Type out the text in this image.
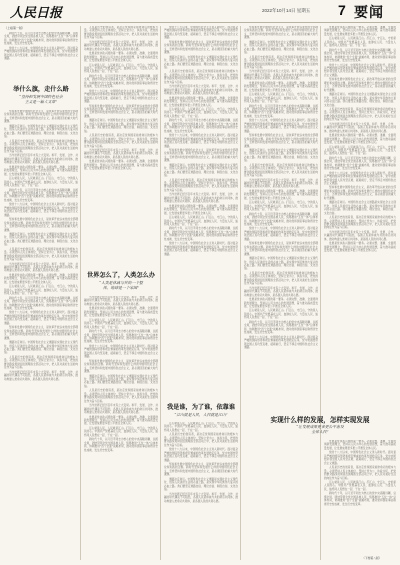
人民日报	2022年10月14日 星期五 7 要闻
（上接第一版）

新时代十年，以习近平同志为核心的党中央高瞻远瞩、总揽全局，团结带领全党全国各族人民，统筹推进“五位一体”总体布局，协调推进“四个全面”战略布局，推动党和国家事业取得历史性成就、发生历史性变革。

党的十八大以来，中国特色社会主义进入新时代。面对复杂严峻的国际形势和艰巨繁重的改革发展稳定任务，党中央团结带领全国人民攻坚克难、砥砺前行，坚定不移走中国特色社会主义道路。

举什么旗，走什么路
“坚持和发展中国特色社会
主义是一篇大文章”

坚持和发展中国特色社会主义，是改革开放以来党的全部理论和实践的主题。新时代坚持和发展什么样的中国特色社会主义、怎样坚持和发展中国特色社会主义，是必须回答的重大时代课题。

道路决定命运。中国特色社会主义道路是实现社会主义现代化、创造人民美好生活的必由之路，是实现中华民族伟大复兴的必由之路。我们要坚定道路自信、理论自信、制度自信、文化自信。

人民是历史的创造者，是决定党和国家前途命运的根本力量。必须坚持人民主体地位，坚持立党为公、执政为民，把党的群众路线贯彻到治国理政全部活动之中，把人民对美好生活的向往作为奋斗目标。

当今世界正经历百年未有之大变局。和平、发展、合作、共赢的时代潮流不可阻挡，各国人民是休戚与共的命运共同体，推动构建人类命运共同体，是各国人民的共同心愿。

发展是党执政兴国的第一要务。必须完整、准确、全面贯彻新发展理念，坚持以人民为中心的发展思想，着力推动高质量发展，让发展成果更多更公平惠及全体人民。

江山就是人民，人民就是江山。打江山、守江山，守的是人民的心。中国共产党根基在人民、血脉在人民、力量在人民，始终同人民想在一起、干在一起。

新时代十年，以习近平同志为核心的党中央高瞻远瞩、总揽全局，团结带领全党全国各族人民，统筹推进“五位一体”总体布局，协调推进“四个全面”战略布局，推动党和国家事业取得历史性成就、发生历史性变革。

党的十八大以来，中国特色社会主义进入新时代。面对复杂严峻的国际形势和艰巨繁重的改革发展稳定任务，党中央团结带领全国人民攻坚克难、砥砺前行，坚定不移走中国特色社会主义道路。

坚持和发展中国特色社会主义，是改革开放以来党的全部理论和实践的主题。新时代坚持和发展什么样的中国特色社会主义、怎样坚持和发展中国特色社会主义，是必须回答的重大时代课题。

道路决定命运。中国特色社会主义道路是实现社会主义现代化、创造人民美好生活的必由之路，是实现中华民族伟大复兴的必由之路。我们要坚定道路自信、理论自信、制度自信、文化自信。

人民是历史的创造者，是决定党和国家前途命运的根本力量。必须坚持人民主体地位，坚持立党为公、执政为民，把党的群众路线贯彻到治国理政全部活动之中，把人民对美好生活的向往作为奋斗目标。

当今世界正经历百年未有之大变局。和平、发展、合作、共赢的时代潮流不可阻挡，各国人民是休戚与共的命运共同体，推动构建人类命运共同体，是各国人民的共同心愿。

发展是党执政兴国的第一要务。必须完整、准确、全面贯彻新发展理念，坚持以人民为中心的发展思想，着力推动高质量发展，让发展成果更多更公平惠及全体人民。

江山就是人民，人民就是江山。打江山、守江山，守的是人民的心。中国共产党根基在人民、血脉在人民、力量在人民，始终同人民想在一起、干在一起。

新时代十年，以习近平同志为核心的党中央高瞻远瞩、总揽全局，团结带领全党全国各族人民，统筹推进“五位一体”总体布局，协调推进“四个全面”战略布局，推动党和国家事业取得历史性成就、发生历史性变革。

党的十八大以来，中国特色社会主义进入新时代。面对复杂严峻的国际形势和艰巨繁重的改革发展稳定任务，党中央团结带领全国人民攻坚克难、砥砺前行，坚定不移走中国特色社会主义道路。

坚持和发展中国特色社会主义，是改革开放以来党的全部理论和实践的主题。新时代坚持和发展什么样的中国特色社会主义、怎样坚持和发展中国特色社会主义，是必须回答的重大时代课题。

道路决定命运。中国特色社会主义道路是实现社会主义现代化、创造人民美好生活的必由之路，是实现中华民族伟大复兴的必由之路。我们要坚定道路自信、理论自信、制度自信、文化自信。

人民是历史的创造者，是决定党和国家前途命运的根本力量。必须坚持人民主体地位，坚持立党为公、执政为民，把党的群众路线贯彻到治国理政全部活动之中，把人民对美好生活的向往作为奋斗目标。

当今世界正经历百年未有之大变局。和平、发展、合作、共赢的时代潮流不可阻挡，各国人民是休戚与共的命运共同体，推动构建人类命运共同体，是各国人民的共同心愿。

人民是历史的创造者，是决定党和国家前途命运的根本力量。必须坚持人民主体地位，坚持立党为公、执政为民，把党的群众路线贯彻到治国理政全部活动之中，把人民对美好生活的向往作为奋斗目标。

当今世界正经历百年未有之大变局。和平、发展、合作、共赢的时代潮流不可阻挡，各国人民是休戚与共的命运共同体，推动构建人类命运共同体，是各国人民的共同心愿。

发展是党执政兴国的第一要务。必须完整、准确、全面贯彻新发展理念，坚持以人民为中心的发展思想，着力推动高质量发展，让发展成果更多更公平惠及全体人民。

江山就是人民，人民就是江山。打江山、守江山，守的是人民的心。中国共产党根基在人民、血脉在人民、力量在人民，始终同人民想在一起、干在一起。

新时代十年，以习近平同志为核心的党中央高瞻远瞩、总揽全局，团结带领全党全国各族人民，统筹推进“五位一体”总体布局，协调推进“四个全面”战略布局，推动党和国家事业取得历史性成就、发生历史性变革。

党的十八大以来，中国特色社会主义进入新时代。面对复杂严峻的国际形势和艰巨繁重的改革发展稳定任务，党中央团结带领全国人民攻坚克难、砥砺前行，坚定不移走中国特色社会主义道路。

坚持和发展中国特色社会主义，是改革开放以来党的全部理论和实践的主题。新时代坚持和发展什么样的中国特色社会主义、怎样坚持和发展中国特色社会主义，是必须回答的重大时代课题。

道路决定命运。中国特色社会主义道路是实现社会主义现代化、创造人民美好生活的必由之路，是实现中华民族伟大复兴的必由之路。我们要坚定道路自信、理论自信、制度自信、文化自信。

人民是历史的创造者，是决定党和国家前途命运的根本力量。必须坚持人民主体地位，坚持立党为公、执政为民，把党的群众路线贯彻到治国理政全部活动之中，把人民对美好生活的向往作为奋斗目标。

当今世界正经历百年未有之大变局。和平、发展、合作、共赢的时代潮流不可阻挡，各国人民是休戚与共的命运共同体，推动构建人类命运共同体，是各国人民的共同心愿。

发展是党执政兴国的第一要务。必须完整、准确、全面贯彻新发展理念，坚持以人民为中心的发展思想，着力推动高质量发展，让发展成果更多更公平惠及全体人民。

世界怎么了，人类怎么办
“人类是休戚与共的一个整
体，地球是一个家园”

当今世界正经历百年未有之大变局。和平、发展、合作、共赢的时代潮流不可阻挡，各国人民是休戚与共的命运共同体，推动构建人类命运共同体，是各国人民的共同心愿。

发展是党执政兴国的第一要务。必须完整、准确、全面贯彻新发展理念，坚持以人民为中心的发展思想，着力推动高质量发展，让发展成果更多更公平惠及全体人民。

江山就是人民，人民就是江山。打江山、守江山，守的是人民的心。中国共产党根基在人民、血脉在人民、力量在人民，始终同人民想在一起、干在一起。

新时代十年，以习近平同志为核心的党中央高瞻远瞩、总揽全局，团结带领全党全国各族人民，统筹推进“五位一体”总体布局，协调推进“四个全面”战略布局，推动党和国家事业取得历史性成就、发生历史性变革。

党的十八大以来，中国特色社会主义进入新时代。面对复杂严峻的国际形势和艰巨繁重的改革发展稳定任务，党中央团结带领全国人民攻坚克难、砥砺前行，坚定不移走中国特色社会主义道路。

坚持和发展中国特色社会主义，是改革开放以来党的全部理论和实践的主题。新时代坚持和发展什么样的中国特色社会主义、怎样坚持和发展中国特色社会主义，是必须回答的重大时代课题。

道路决定命运。中国特色社会主义道路是实现社会主义现代化、创造人民美好生活的必由之路，是实现中华民族伟大复兴的必由之路。我们要坚定道路自信、理论自信、制度自信、文化自信。

人民是历史的创造者，是决定党和国家前途命运的根本力量。必须坚持人民主体地位，坚持立党为公、执政为民，把党的群众路线贯彻到治国理政全部活动之中，把人民对美好生活的向往作为奋斗目标。

当今世界正经历百年未有之大变局。和平、发展、合作、共赢的时代潮流不可阻挡，各国人民是休戚与共的命运共同体，推动构建人类命运共同体，是各国人民的共同心愿。

发展是党执政兴国的第一要务。必须完整、准确、全面贯彻新发展理念，坚持以人民为中心的发展思想，着力推动高质量发展，让发展成果更多更公平惠及全体人民。

江山就是人民，人民就是江山。打江山、守江山，守的是人民的心。中国共产党根基在人民、血脉在人民、力量在人民，始终同人民想在一起、干在一起。

新时代十年，以习近平同志为核心的党中央高瞻远瞩、总揽全局，团结带领全党全国各族人民，统筹推进“五位一体”总体布局，协调推进“四个全面”战略布局，推动党和国家事业取得历史性成就、发生历史性变革。

党的十八大以来，中国特色社会主义进入新时代。面对复杂严峻的国际形势和艰巨繁重的改革发展稳定任务，党中央团结带领全国人民攻坚克难、砥砺前行，坚定不移走中国特色社会主义道路。

坚持和发展中国特色社会主义，是改革开放以来党的全部理论和实践的主题。新时代坚持和发展什么样的中国特色社会主义、怎样坚持和发展中国特色社会主义，是必须回答的重大时代课题。

道路决定命运。中国特色社会主义道路是实现社会主义现代化、创造人民美好生活的必由之路，是实现中华民族伟大复兴的必由之路。我们要坚定道路自信、理论自信、制度自信、文化自信。

人民是历史的创造者，是决定党和国家前途命运的根本力量。必须坚持人民主体地位，坚持立党为公、执政为民，把党的群众路线贯彻到治国理政全部活动之中，把人民对美好生活的向往作为奋斗目标。

当今世界正经历百年未有之大变局。和平、发展、合作、共赢的时代潮流不可阻挡，各国人民是休戚与共的命运共同体，推动构建人类命运共同体，是各国人民的共同心愿。

发展是党执政兴国的第一要务。必须完整、准确、全面贯彻新发展理念，坚持以人民为中心的发展思想，着力推动高质量发展，让发展成果更多更公平惠及全体人民。

江山就是人民，人民就是江山。打江山、守江山，守的是人民的心。中国共产党根基在人民、血脉在人民、力量在人民，始终同人民想在一起、干在一起。

新时代十年，以习近平同志为核心的党中央高瞻远瞩、总揽全局，团结带领全党全国各族人民，统筹推进“五位一体”总体布局，协调推进“四个全面”战略布局，推动党和国家事业取得历史性成就、发生历史性变革。

党的十八大以来，中国特色社会主义进入新时代。面对复杂严峻的国际形势和艰巨繁重的改革发展稳定任务，党中央团结带领全国人民攻坚克难、砥砺前行，坚定不移走中国特色社会主义道路。

坚持和发展中国特色社会主义，是改革开放以来党的全部理论和实践的主题。新时代坚持和发展什么样的中国特色社会主义、怎样坚持和发展中国特色社会主义，是必须回答的重大时代课题。

道路决定命运。中国特色社会主义道路是实现社会主义现代化、创造人民美好生活的必由之路，是实现中华民族伟大复兴的必由之路。我们要坚定道路自信、理论自信、制度自信、文化自信。

人民是历史的创造者，是决定党和国家前途命运的根本力量。必须坚持人民主体地位，坚持立党为公、执政为民，把党的群众路线贯彻到治国理政全部活动之中，把人民对美好生活的向往作为奋斗目标。

当今世界正经历百年未有之大变局。和平、发展、合作、共赢的时代潮流不可阻挡，各国人民是休戚与共的命运共同体，推动构建人类命运共同体，是各国人民的共同心愿。

发展是党执政兴国的第一要务。必须完整、准确、全面贯彻新发展理念，坚持以人民为中心的发展思想，着力推动高质量发展，让发展成果更多更公平惠及全体人民。

江山就是人民，人民就是江山。打江山、守江山，守的是人民的心。中国共产党根基在人民、血脉在人民、力量在人民，始终同人民想在一起、干在一起。

新时代十年，以习近平同志为核心的党中央高瞻远瞩、总揽全局，团结带领全党全国各族人民，统筹推进“五位一体”总体布局，协调推进“四个全面”战略布局，推动党和国家事业取得历史性成就、发生历史性变革。

党的十八大以来，中国特色社会主义进入新时代。面对复杂严峻的国际形势和艰巨繁重的改革发展稳定任务，党中央团结带领全国人民攻坚克难、砥砺前行，坚定不移走中国特色社会主义道路。

我是谁，为了谁，依靠谁
“江山就是人民，人民就是江山”

江山就是人民，人民就是江山。打江山、守江山，守的是人民的心。中国共产党根基在人民、血脉在人民、力量在人民，始终同人民想在一起、干在一起。

人民是历史的创造者，是决定党和国家前途命运的根本力量。必须坚持人民主体地位，坚持立党为公、执政为民，把党的群众路线贯彻到治国理政全部活动之中，把人民对美好生活的向往作为奋斗目标。

党的十八大以来，中国特色社会主义进入新时代。面对复杂严峻的国际形势和艰巨繁重的改革发展稳定任务，党中央团结带领全国人民攻坚克难、砥砺前行，坚定不移走中国特色社会主义道路。

坚持和发展中国特色社会主义，是改革开放以来党的全部理论和实践的主题。新时代坚持和发展什么样的中国特色社会主义、怎样坚持和发展中国特色社会主义，是必须回答的重大时代课题。

道路决定命运。中国特色社会主义道路是实现社会主义现代化、创造人民美好生活的必由之路，是实现中华民族伟大复兴的必由之路。我们要坚定道路自信、理论自信、制度自信、文化自信。

当今世界正经历百年未有之大变局。和平、发展、合作、共赢的时代潮流不可阻挡，各国人民是休戚与共的命运共同体，推动构建人类命运共同体，是各国人民的共同心愿。

坚持和发展中国特色社会主义，是改革开放以来党的全部理论和实践的主题。新时代坚持和发展什么样的中国特色社会主义、怎样坚持和发展中国特色社会主义，是必须回答的重大时代课题。

道路决定命运。中国特色社会主义道路是实现社会主义现代化、创造人民美好生活的必由之路，是实现中华民族伟大复兴的必由之路。我们要坚定道路自信、理论自信、制度自信、文化自信。

人民是历史的创造者，是决定党和国家前途命运的根本力量。必须坚持人民主体地位，坚持立党为公、执政为民，把党的群众路线贯彻到治国理政全部活动之中，把人民对美好生活的向往作为奋斗目标。

当今世界正经历百年未有之大变局。和平、发展、合作、共赢的时代潮流不可阻挡，各国人民是休戚与共的命运共同体，推动构建人类命运共同体，是各国人民的共同心愿。

发展是党执政兴国的第一要务。必须完整、准确、全面贯彻新发展理念，坚持以人民为中心的发展思想，着力推动高质量发展，让发展成果更多更公平惠及全体人民。

江山就是人民，人民就是江山。打江山、守江山，守的是人民的心。中国共产党根基在人民、血脉在人民、力量在人民，始终同人民想在一起、干在一起。

新时代十年，以习近平同志为核心的党中央高瞻远瞩、总揽全局，团结带领全党全国各族人民，统筹推进“五位一体”总体布局，协调推进“四个全面”战略布局，推动党和国家事业取得历史性成就、发生历史性变革。

党的十八大以来，中国特色社会主义进入新时代。面对复杂严峻的国际形势和艰巨繁重的改革发展稳定任务，党中央团结带领全国人民攻坚克难、砥砺前行，坚定不移走中国特色社会主义道路。

坚持和发展中国特色社会主义，是改革开放以来党的全部理论和实践的主题。新时代坚持和发展什么样的中国特色社会主义、怎样坚持和发展中国特色社会主义，是必须回答的重大时代课题。

道路决定命运。中国特色社会主义道路是实现社会主义现代化、创造人民美好生活的必由之路，是实现中华民族伟大复兴的必由之路。我们要坚定道路自信、理论自信、制度自信、文化自信。

人民是历史的创造者，是决定党和国家前途命运的根本力量。必须坚持人民主体地位，坚持立党为公、执政为民，把党的群众路线贯彻到治国理政全部活动之中，把人民对美好生活的向往作为奋斗目标。

当今世界正经历百年未有之大变局。和平、发展、合作、共赢的时代潮流不可阻挡，各国人民是休戚与共的命运共同体，推动构建人类命运共同体，是各国人民的共同心愿。

发展是党执政兴国的第一要务。必须完整、准确、全面贯彻新发展理念，坚持以人民为中心的发展思想，着力推动高质量发展，让发展成果更多更公平惠及全体人民。

江山就是人民，人民就是江山。打江山、守江山，守的是人民的心。中国共产党根基在人民、血脉在人民、力量在人民，始终同人民想在一起、干在一起。

新时代十年，以习近平同志为核心的党中央高瞻远瞩、总揽全局，团结带领全党全国各族人民，统筹推进“五位一体”总体布局，协调推进“四个全面”战略布局，推动党和国家事业取得历史性成就、发生历史性变革。

党的十八大以来，中国特色社会主义进入新时代。面对复杂严峻的国际形势和艰巨繁重的改革发展稳定任务，党中央团结带领全国人民攻坚克难、砥砺前行，坚定不移走中国特色社会主义道路。

坚持和发展中国特色社会主义，是改革开放以来党的全部理论和实践的主题。新时代坚持和发展什么样的中国特色社会主义、怎样坚持和发展中国特色社会主义，是必须回答的重大时代课题。

道路决定命运。中国特色社会主义道路是实现社会主义现代化、创造人民美好生活的必由之路，是实现中华民族伟大复兴的必由之路。我们要坚定道路自信、理论自信、制度自信、文化自信。

人民是历史的创造者，是决定党和国家前途命运的根本力量。必须坚持人民主体地位，坚持立党为公、执政为民，把党的群众路线贯彻到治国理政全部活动之中，把人民对美好生活的向往作为奋斗目标。

当今世界正经历百年未有之大变局。和平、发展、合作、共赢的时代潮流不可阻挡，各国人民是休戚与共的命运共同体，推动构建人类命运共同体，是各国人民的共同心愿。

发展是党执政兴国的第一要务。必须完整、准确、全面贯彻新发展理念，坚持以人民为中心的发展思想，着力推动高质量发展，让发展成果更多更公平惠及全体人民。

江山就是人民，人民就是江山。打江山、守江山，守的是人民的心。中国共产党根基在人民、血脉在人民、力量在人民，始终同人民想在一起、干在一起。

新时代十年，以习近平同志为核心的党中央高瞻远瞩、总揽全局，团结带领全党全国各族人民，统筹推进“五位一体”总体布局，协调推进“四个全面”战略布局，推动党和国家事业取得历史性成就、发生历史性变革。

党的十八大以来，中国特色社会主义进入新时代。面对复杂严峻的国际形势和艰巨繁重的改革发展稳定任务，党中央团结带领全国人民攻坚克难、砥砺前行，坚定不移走中国特色社会主义道路。

发展是党执政兴国的第一要务。必须完整、准确、全面贯彻新发展理念，坚持以人民为中心的发展思想，着力推动高质量发展，让发展成果更多更公平惠及全体人民。

江山就是人民，人民就是江山。打江山、守江山，守的是人民的心。中国共产党根基在人民、血脉在人民、力量在人民，始终同人民想在一起、干在一起。

新时代十年，以习近平同志为核心的党中央高瞻远瞩、总揽全局，团结带领全党全国各族人民，统筹推进“五位一体”总体布局，协调推进“四个全面”战略布局，推动党和国家事业取得历史性成就、发生历史性变革。

党的十八大以来，中国特色社会主义进入新时代。面对复杂严峻的国际形势和艰巨繁重的改革发展稳定任务，党中央团结带领全国人民攻坚克难、砥砺前行，坚定不移走中国特色社会主义道路。

坚持和发展中国特色社会主义，是改革开放以来党的全部理论和实践的主题。新时代坚持和发展什么样的中国特色社会主义、怎样坚持和发展中国特色社会主义，是必须回答的重大时代课题。

道路决定命运。中国特色社会主义道路是实现社会主义现代化、创造人民美好生活的必由之路，是实现中华民族伟大复兴的必由之路。我们要坚定道路自信、理论自信、制度自信、文化自信。

人民是历史的创造者，是决定党和国家前途命运的根本力量。必须坚持人民主体地位，坚持立党为公、执政为民，把党的群众路线贯彻到治国理政全部活动之中，把人民对美好生活的向往作为奋斗目标。

当今世界正经历百年未有之大变局。和平、发展、合作、共赢的时代潮流不可阻挡，各国人民是休戚与共的命运共同体，推动构建人类命运共同体，是各国人民的共同心愿。

发展是党执政兴国的第一要务。必须完整、准确、全面贯彻新发展理念，坚持以人民为中心的发展思想，着力推动高质量发展，让发展成果更多更公平惠及全体人民。

江山就是人民，人民就是江山。打江山、守江山，守的是人民的心。中国共产党根基在人民、血脉在人民、力量在人民，始终同人民想在一起、干在一起。

新时代十年，以习近平同志为核心的党中央高瞻远瞩、总揽全局，团结带领全党全国各族人民，统筹推进“五位一体”总体布局，协调推进“四个全面”战略布局，推动党和国家事业取得历史性成就、发生历史性变革。

党的十八大以来，中国特色社会主义进入新时代。面对复杂严峻的国际形势和艰巨繁重的改革发展稳定任务，党中央团结带领全国人民攻坚克难、砥砺前行，坚定不移走中国特色社会主义道路。

坚持和发展中国特色社会主义，是改革开放以来党的全部理论和实践的主题。新时代坚持和发展什么样的中国特色社会主义、怎样坚持和发展中国特色社会主义，是必须回答的重大时代课题。

道路决定命运。中国特色社会主义道路是实现社会主义现代化、创造人民美好生活的必由之路，是实现中华民族伟大复兴的必由之路。我们要坚定道路自信、理论自信、制度自信、文化自信。

人民是历史的创造者，是决定党和国家前途命运的根本力量。必须坚持人民主体地位，坚持立党为公、执政为民，把党的群众路线贯彻到治国理政全部活动之中，把人民对美好生活的向往作为奋斗目标。

当今世界正经历百年未有之大变局。和平、发展、合作、共赢的时代潮流不可阻挡，各国人民是休戚与共的命运共同体，推动构建人类命运共同体，是各国人民的共同心愿。

发展是党执政兴国的第一要务。必须完整、准确、全面贯彻新发展理念，坚持以人民为中心的发展思想，着力推动高质量发展，让发展成果更多更公平惠及全体人民。

实现什么样的发展，怎样实现发展
“让发展成果更多更公平惠及
全体人民”

发展是党执政兴国的第一要务。必须完整、准确、全面贯彻新发展理念，坚持以人民为中心的发展思想，着力推动高质量发展，让发展成果更多更公平惠及全体人民。

党的十八大以来，中国特色社会主义进入新时代。面对复杂严峻的国际形势和艰巨繁重的改革发展稳定任务，党中央团结带领全国人民攻坚克难、砥砺前行，坚定不移走中国特色社会主义道路。

人民是历史的创造者，是决定党和国家前途命运的根本力量。必须坚持人民主体地位，坚持立党为公、执政为民，把党的群众路线贯彻到治国理政全部活动之中，把人民对美好生活的向往作为奋斗目标。

江山就是人民，人民就是江山。打江山、守江山，守的是人民的心。中国共产党根基在人民、血脉在人民、力量在人民，始终同人民想在一起、干在一起。

新时代十年，以习近平同志为核心的党中央高瞻远瞩、总揽全局，团结带领全党全国各族人民，统筹推进“五位一体”总体布局，协调推进“四个全面”战略布局，推动党和国家事业取得历史性成就、发生历史性变革。

（下转第八版）
